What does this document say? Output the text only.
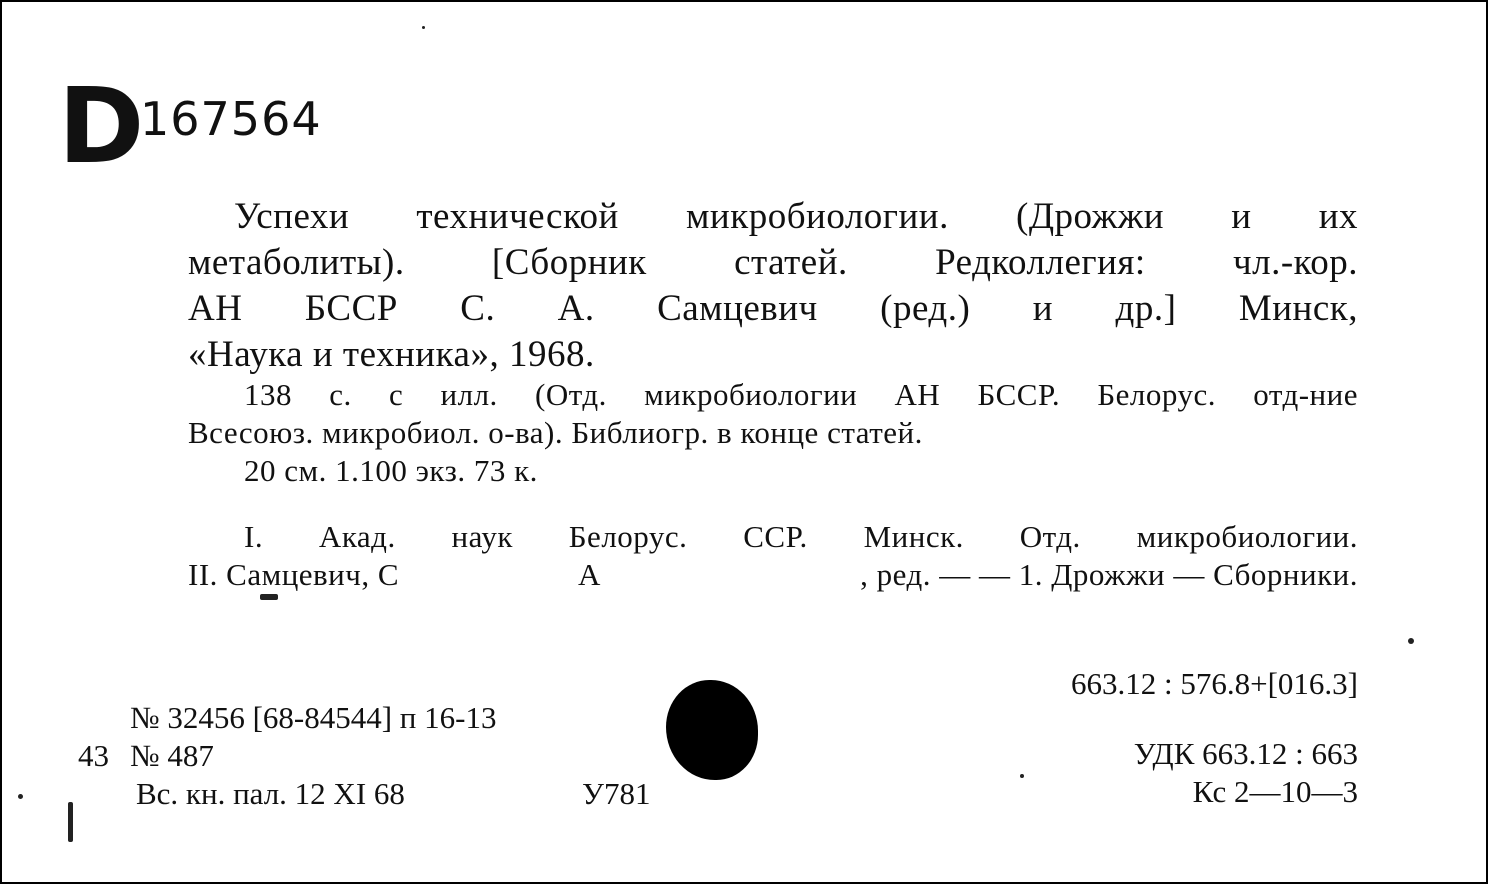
D
167564
Успехи технической микробиологии. (Дрожжи и их
метаболиты). [Сборник статей. Редколлегия: чл.-кор.
АН БССР С. А. Самцевич (ред.) и др.] Минск,
«Наука и техника», 1968.
138 с. с илл. (Отд. микробиологии АН БССР. Белорус. отд-ние
Всесоюз. микробиол. о-ва). Библиогр. в конце статей.
20 см. 1.100 экз. 73 к.
I. Акад. наук Белорус. ССР. Минск. Отд. микробиологии.
II. Самцевич, С	А	, ред. — — 1. Дрожжи — Сборники.
№ 32456 [68-84544] п 16-13
43 № 487
Вс. кн. пал. 12 XI 68	У781
663.12 : 576.8+[016.3]
УДК 663.12 : 663
Кс 2—10—3
